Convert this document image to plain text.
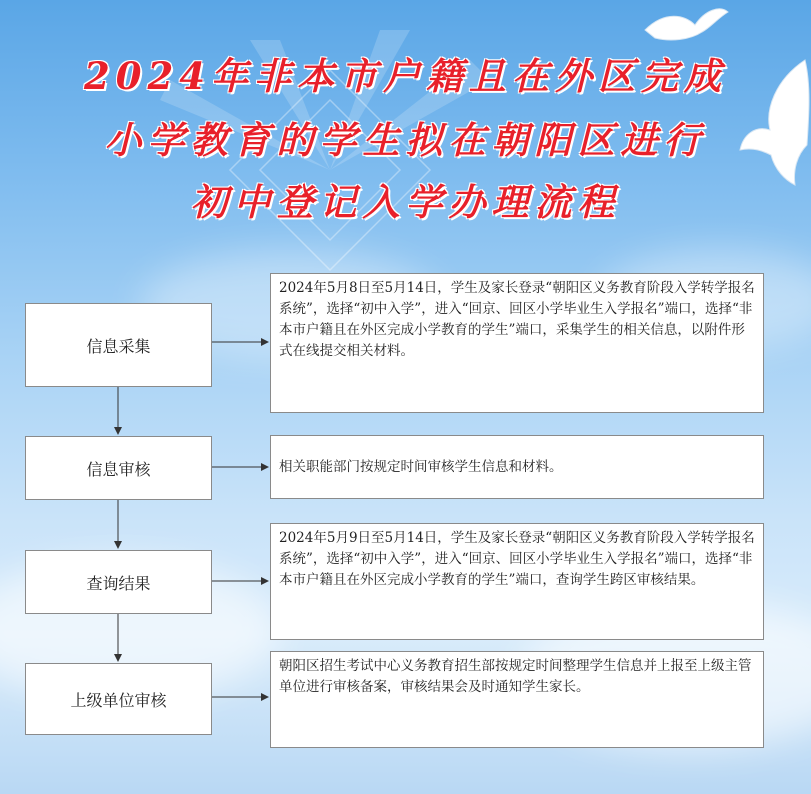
2024年非本市户籍且在外区完成
小学教育的学生拟在朝阳区进行
初中登记入学办理流程
信息采集
信息审核
查询结果
上级单位审核
2024年5月8日至5月14日，学生及家长登录“朝阳区义务教育阶段入学转学报名系统”，选择“初中入学”，进入“回京、回区小学毕业生入学报名”端口，选择“非本市户籍且在外区完成小学教育的学生”端口，采集学生的相关信息，以附件形式在线提交相关材料。
相关职能部门按规定时间审核学生信息和材料。
2024年5月9日至5月14日，学生及家长登录“朝阳区义务教育阶段入学转学报名系统”，选择“初中入学”，进入“回京、回区小学毕业生入学报名”端口，选择“非本市户籍且在外区完成小学教育的学生”端口，查询学生跨区审核结果。
朝阳区招生考试中心义务教育招生部按规定时间整理学生信息并上报至上级主管单位进行审核备案，审核结果会及时通知学生家长。
